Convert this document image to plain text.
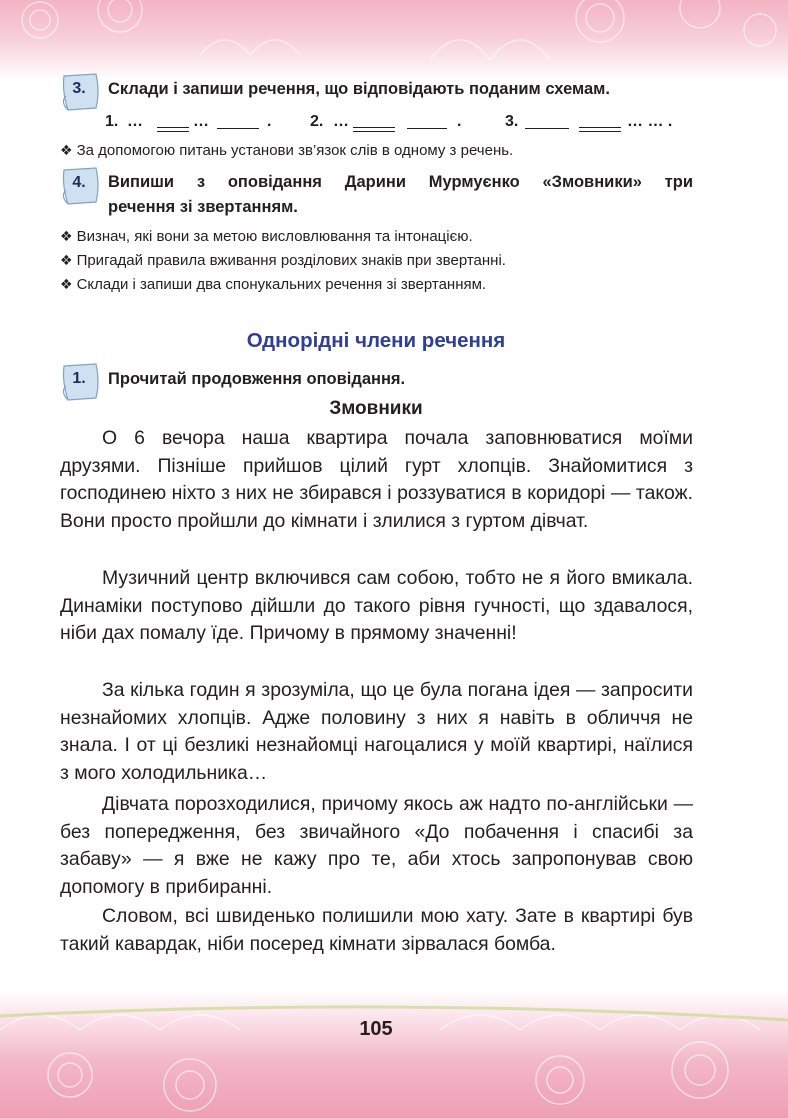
3.	Склади і запиши речення, що відповідають поданим схемам.
1. …	…	. 2. …	.	3.	… … .
❖ За допомогою питань установи зв’язок слів в одному з речень.
4.	Випиши з оповідання Дарини Мурмуєнко «Змовники» три
речення зі звертанням.
❖ Визнач, які вони за метою висловлювання та інтонацією.
❖ Пригадай правила вживання розділових знаків при звертанні.
❖ Склади і запиши два спонукальних речення зі звертанням.
Однорідні члени речення
1.	Прочитай продовження оповідання.
Змовники

О 6 вечора наша квартира почала заповнюватися моїми друзями. Пізніше прийшов цілий гурт хлопців. Знайомитися з господинею ніхто з них не збирався і роззуватися в коридорі — також. Вони просто пройшли до кімнати і злилися з гуртом дівчат.

Музичний центр включився сам собою, тобто не я його вмикала. Динаміки поступово дійшли до такого рівня гучності, що здавалося, ніби дах помалу їде. Причому в прямому значенні!

За кілька годин я зрозуміла, що це була погана ідея — запросити незнайомих хлопців. Адже половину з них я навіть в обличчя не знала. І от ці безликі незнайомці нагоцалися у моїй квартирі, наїлися з мого холодильника…

Дівчата порозходилися, причому якось аж надто по-англійськи — без попередження, без звичайного «До побачення і спасибі за забаву» — я вже не кажу про те, аби хтось запропонував свою допомогу в прибиранні.

Словом, всі швиденько полишили мою хату. Зате в квартирі був такий кавардак, ніби посеред кімнати зірвалася бомба.

105
